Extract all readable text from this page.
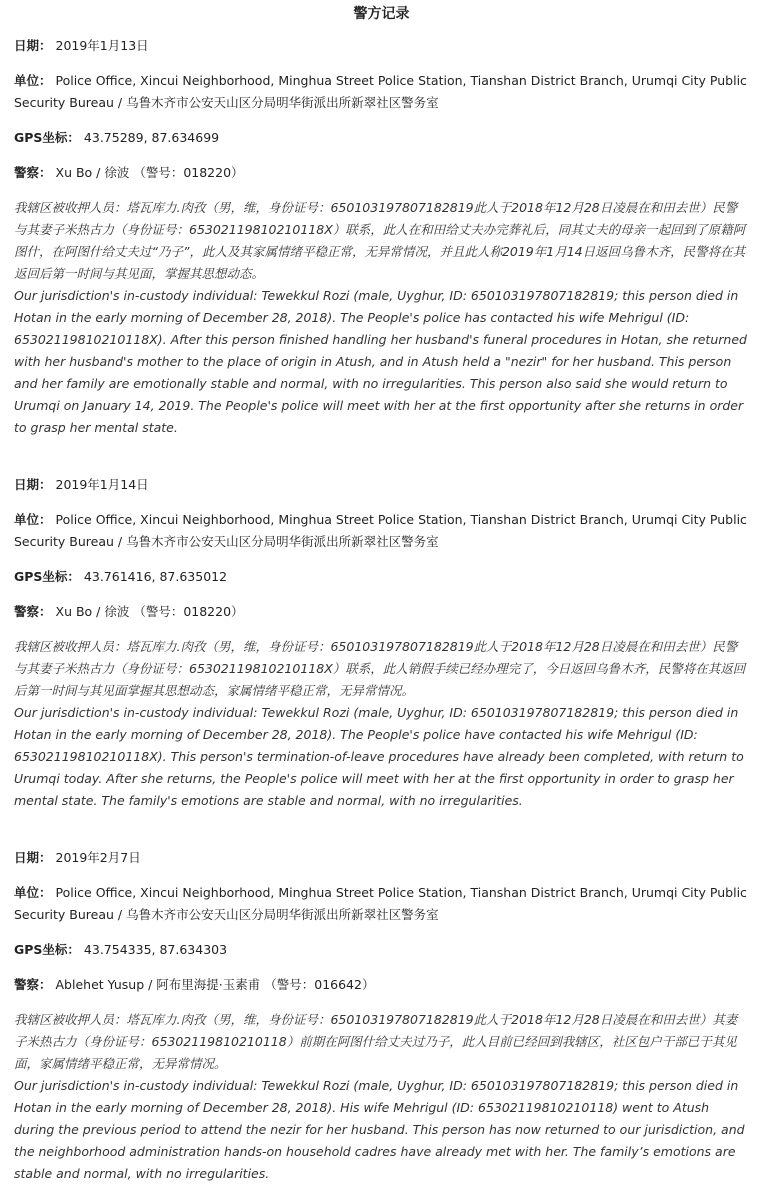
警方记录
日期： 2019年1月13日
单位： Police Office, Xincui Neighborhood, Minghua Street Police Station, Tianshan District Branch, Urumqi City Public Security Bureau / 乌鲁木齐市公安天山区分局明华街派出所新翠社区警务室
GPS坐标： 43.75289, 87.634699
警察： Xu Bo / 徐波 （警号：018220）

我辖区被收押人员：塔瓦库力.肉孜（男，维，身份证号：650103197807182819此人于2018年12月28日凌晨在和田去世）民警与其妻子米热古力（身份证号：65302119810210118X）联系，此人在和田给丈夫办完葬礼后，同其丈夫的母亲一起回到了原籍阿图什，在阿图什给丈夫过“乃子”，此人及其家属情绪平稳正常，无异常情况，并且此人称2019年1月14日返回乌鲁木齐，民警将在其返回后第一时间与其见面，掌握其思想动态。

Our jurisdiction's in-custody individual: Tewekkul Rozi (male, Uyghur, ID: 650103197807182819; this person died in Hotan in the early morning of December 28, 2018). The People's police has contacted his wife Mehrigul (ID: 65302119810210118X). After this person finished handling her husband's funeral procedures in Hotan, she returned with her husband's mother to the place of origin in Atush, and in Atush held a "nezir" for her husband. This person and her family are emotionally stable and normal, with no irregularities. This person also said she would return to Urumqi on January 14, 2019. The People's police will meet with her at the first opportunity after she returns in order to grasp her mental state.

日期： 2019年1月14日
单位： Police Office, Xincui Neighborhood, Minghua Street Police Station, Tianshan District Branch, Urumqi City Public Security Bureau / 乌鲁木齐市公安天山区分局明华街派出所新翠社区警务室
GPS坐标： 43.761416, 87.635012
警察： Xu Bo / 徐波 （警号：018220）

我辖区被收押人员：塔瓦库力.肉孜（男，维，身份证号：650103197807182819此人于2018年12月28日凌晨在和田去世）民警与其妻子米热古力（身份证号：65302119810210118X）联系，此人销假手续已经办理完了，今日返回乌鲁木齐，民警将在其返回后第一时间与其见面掌握其思想动态，家属情绪平稳正常，无异常情况。

Our jurisdiction's in-custody individual: Tewekkul Rozi (male, Uyghur, ID: 650103197807182819; this person died in Hotan in the early morning of December 28, 2018). The People's police have contacted his wife Mehrigul (ID: 65302119810210118X). This person's termination-of-leave procedures have already been completed, with return to Urumqi today. After she returns, the People's police will meet with her at the first opportunity in order to grasp her mental state. The family's emotions are stable and normal, with no irregularities.

日期： 2019年2月7日
单位： Police Office, Xincui Neighborhood, Minghua Street Police Station, Tianshan District Branch, Urumqi City Public Security Bureau / 乌鲁木齐市公安天山区分局明华街派出所新翠社区警务室
GPS坐标： 43.754335, 87.634303
警察： Ablehet Yusup / 阿布里海提·玉素甫 （警号：016642）

我辖区被收押人员：塔瓦库力.肉孜（男，维，身份证号：650103197807182819此人于2018年12月28日凌晨在和田去世）其妻子米热古力（身份证号：65302119810210118）前期在阿图什给丈夫过乃子，此人目前已经回到我辖区，社区包户干部已于其见面，家属情绪平稳正常，无异常情况。

Our jurisdiction's in-custody individual: Tewekkul Rozi (male, Uyghur, ID: 650103197807182819; this person died in Hotan in the early morning of December 28, 2018). His wife Mehrigul (ID: 65302119810210118) went to Atush during the previous period to attend the nezir for her husband. This person has now returned to our jurisdiction, and the neighborhood administration hands-on household cadres have already met with her. The family’s emotions are stable and normal, with no irregularities.
